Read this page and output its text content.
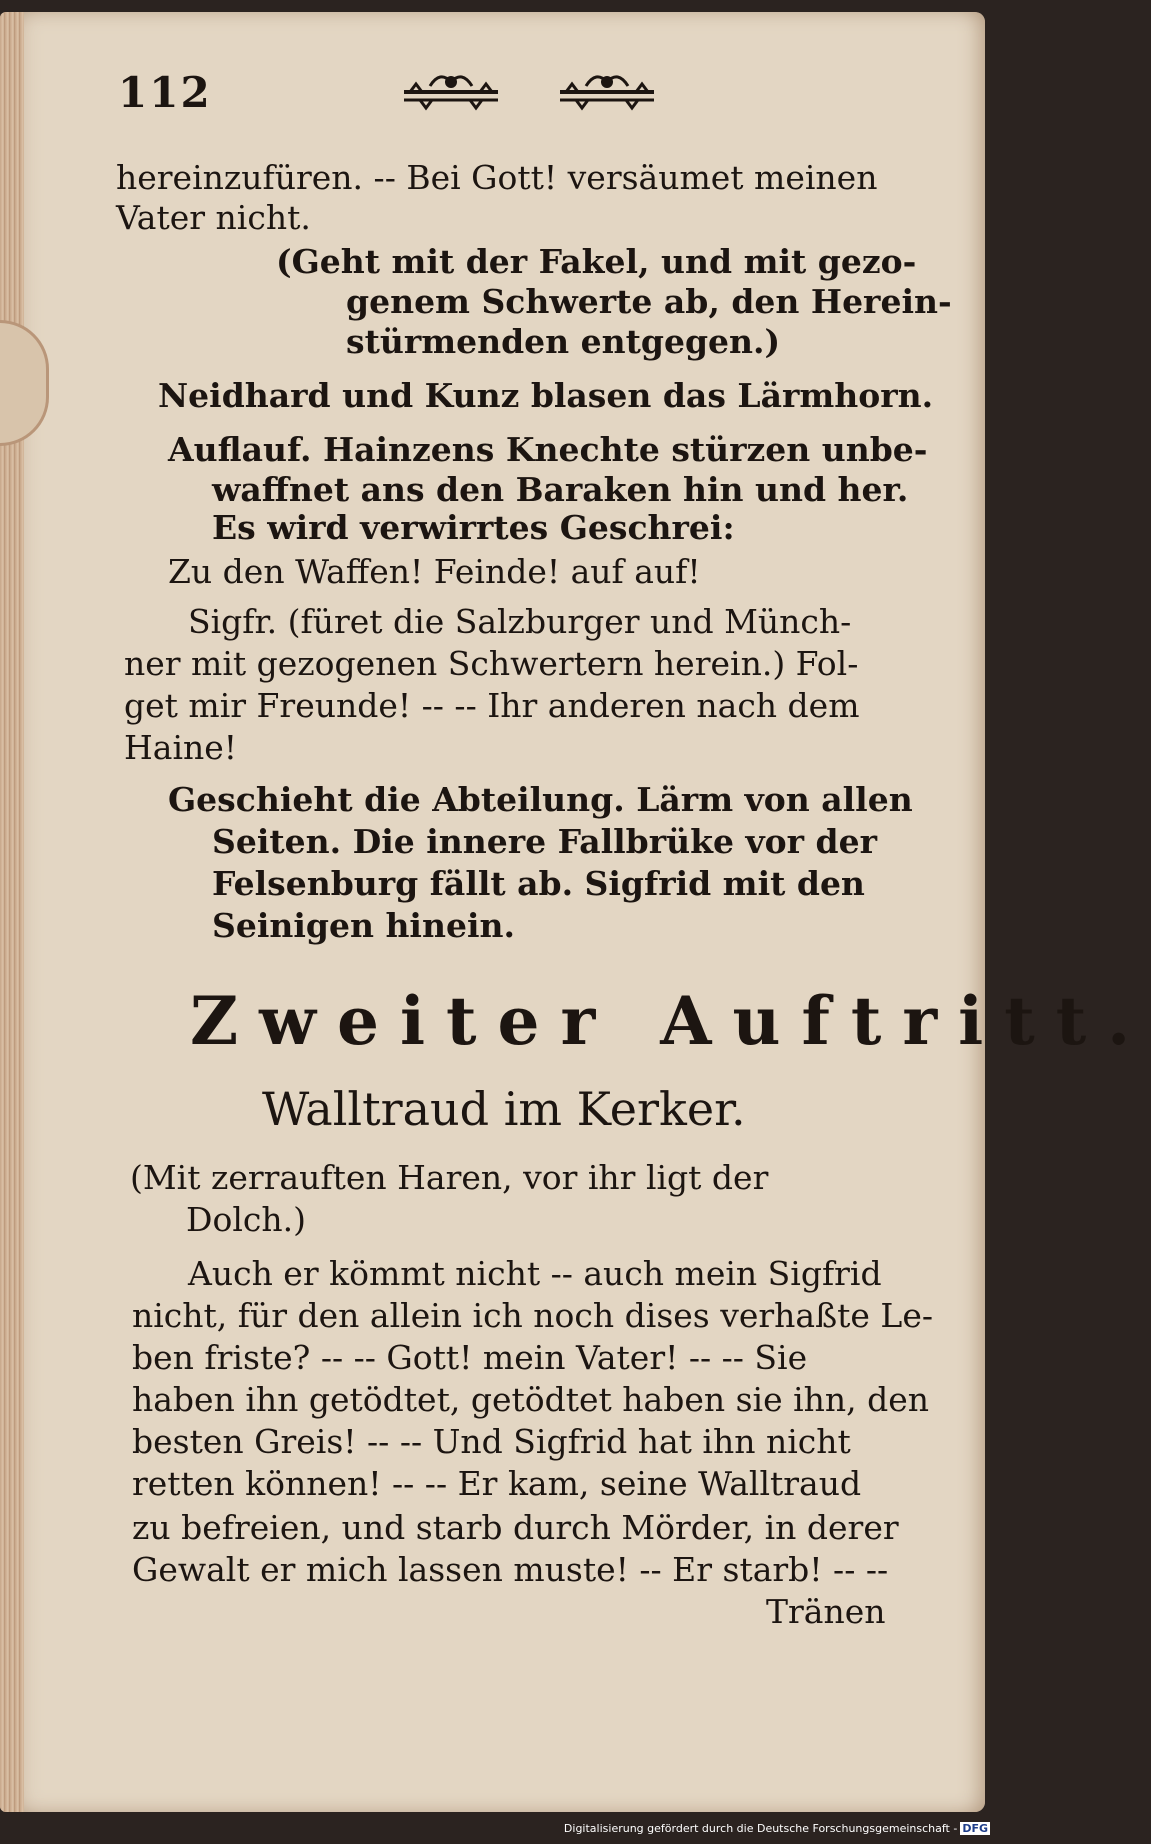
112
hereinzufüren. -- Bei Gott! versäumet meinen
Vater nicht.
(Geht mit der Fakel, und mit gezo-
genem Schwerte ab, den Herein-
stürmenden entgegen.)
Neidhard und Kunz blasen das Lärmhorn.
Auflauf. Hainzens Knechte stürzen unbe-
waffnet ans den Baraken hin und her.
Es wird verwirrtes Geschrei:
Zu den Waffen! Feinde! auf auf!
Sigfr. (füret die Salzburger und Münch-
ner mit gezogenen Schwertern herein.) Fol-
get mir Freunde! -- -- Ihr anderen nach dem
Haine!
Geschieht die Abteilung. Lärm von allen
Seiten. Die innere Fallbrüke vor der
Felsenburg fällt ab. Sigfrid mit den
Seinigen hinein.
Zweiter Auftritt.
Walltraud im Kerker.
(Mit zerrauften Haren, vor ihr ligt der
Dolch.)
Auch er kömmt nicht -- auch mein Sigfrid
nicht, für den allein ich noch dises verhaßte Le-
ben friste? -- -- Gott! mein Vater! -- -- Sie
haben ihn getödtet, getödtet haben sie ihn, den
besten Greis! -- -- Und Sigfrid hat ihn nicht
retten können! -- -- Er kam, seine Walltraud
zu befreien, und starb durch Mörder, in derer
Gewalt er mich lassen muste! -- Er starb! -- --
Tränen
Digitalisierung gefördert durch die Deutsche Forschungsgemeinschaft - DFG
